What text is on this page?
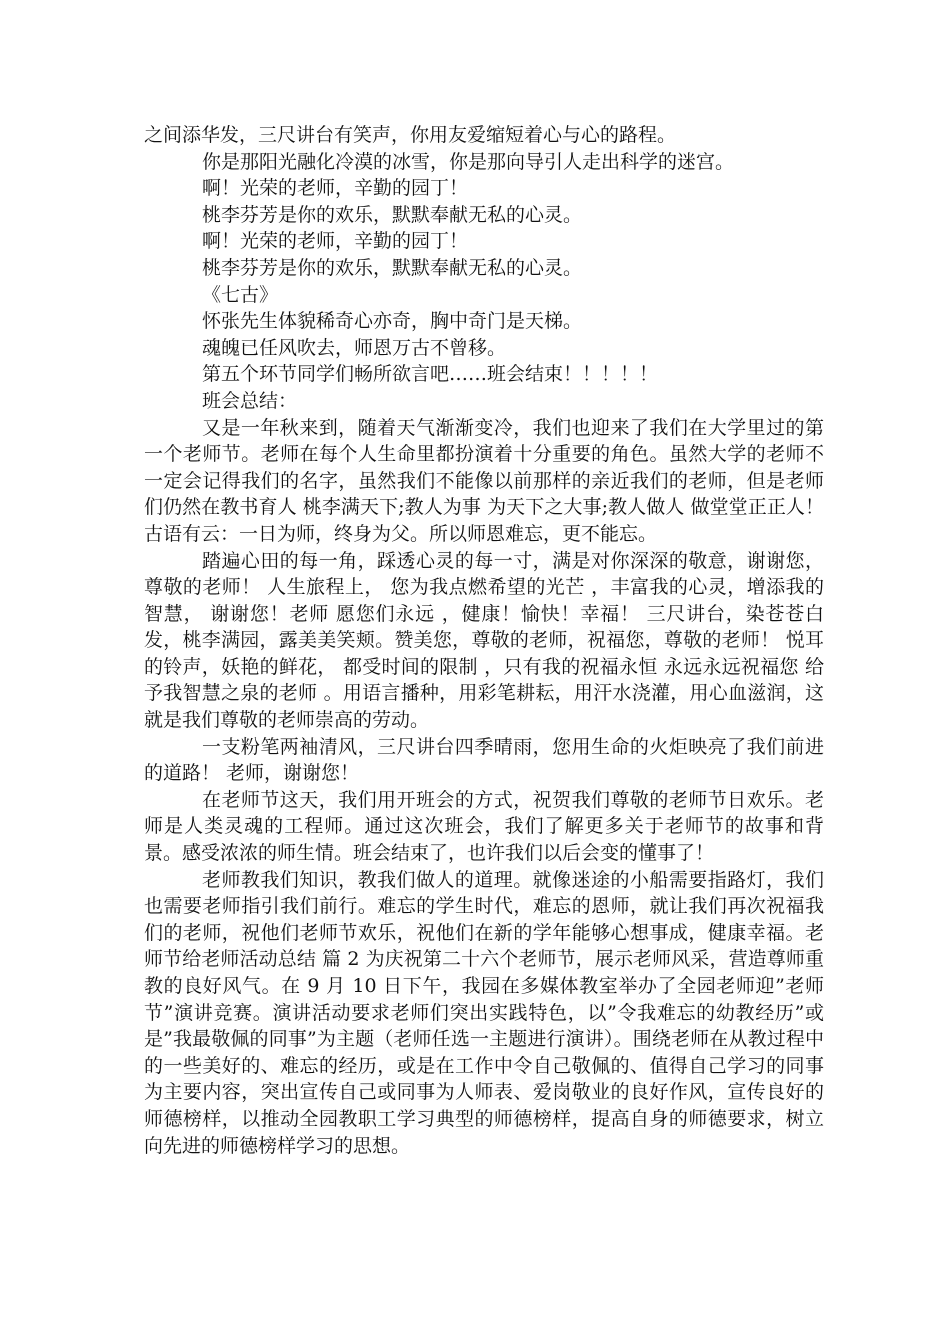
之间添华发，三尺讲台有笑声，你用友爱缩短着心与心的路程。

你是那阳光融化冷漠的冰雪，你是那向导引人走出科学的迷宫。

啊！光荣的老师，辛勤的园丁！

桃李芬芳是你的欢乐，默默奉献无私的心灵。

啊！光荣的老师，辛勤的园丁！

桃李芬芳是你的欢乐，默默奉献无私的心灵。

《七古》

怀张先生体貌稀奇心亦奇，胸中奇门是天梯。

魂魄已任风吹去，师恩万古不曾移。

第五个环节同学们畅所欲言吧……班会结束！！！！！

班会总结：

又是一年秋来到，随着天气渐渐变冷，我们也迎来了我们在大学里过的第一个老师节。老师在每个人生命里都扮演着十分重要的角色。虽然大学的老师不一定会记得我们的名字，虽然我们不能像以前那样的亲近我们的老师，但是老师们仍然在教书育人 桃李满天下;教人为事 为天下之大事;教人做人 做堂堂正正人！古语有云：一日为师，终身为父。所以师恩难忘，更不能忘。

踏遍心田的每一角，踩透心灵的每一寸，满是对你深深的敬意，谢谢您，尊敬的老师！ 人生旅程上， 您为我点燃希望的光芒 ，丰富我的心灵，增添我的智慧， 谢谢您！老师 愿您们永远 ，健康！愉快！幸福！ 三尺讲台，染苍苍白发，桃李满园，露美美笑颊。赞美您，尊敬的老师，祝福您，尊敬的老师！ 悦耳的铃声，妖艳的鲜花， 都受时间的限制 ，只有我的祝福永恒 永远永远祝福您 给予我智慧之泉的老师 。用语言播种，用彩笔耕耘，用汗水浇灌，用心血滋润，这就是我们尊敬的老师崇高的劳动。

一支粉笔两袖清风，三尺讲台四季晴雨，您用生命的火炬映亮了我们前进的道路！ 老师，谢谢您！

在老师节这天，我们用开班会的方式，祝贺我们尊敬的老师节日欢乐。老师是人类灵魂的工程师。通过这次班会，我们了解更多关于老师节的故事和背景。感受浓浓的师生情。班会结束了，也许我们以后会变的懂事了！

老师教我们知识，教我们做人的道理。就像迷途的小船需要指路灯，我们也需要老师指引我们前行。难忘的学生时代，难忘的恩师，就让我们再次祝福我们的老师，祝他们老师节欢乐，祝他们在新的学年能够心想事成，健康幸福。老师节给老师活动总结 篇 2 为庆祝第二十六个老师节，展示老师风采，营造尊师重教的良好风气。在 9 月 10 日下午，我园在多媒体教室举办了全园老师迎”老师节”演讲竞赛。演讲活动要求老师们突出实践特色，以”令我难忘的幼教经历”或是”我最敬佩的同事”为主题（老师任选一主题进行演讲）。围绕老师在从教过程中的一些美好的、难忘的经历，或是在工作中令自己敬佩的、值得自己学习的同事为主要内容，突出宣传自己或同事为人师表、爱岗敬业的良好作风，宣传良好的师德榜样，以推动全园教职工学习典型的师德榜样，提高自身的师德要求，树立向先进的师德榜样学习的思想。
